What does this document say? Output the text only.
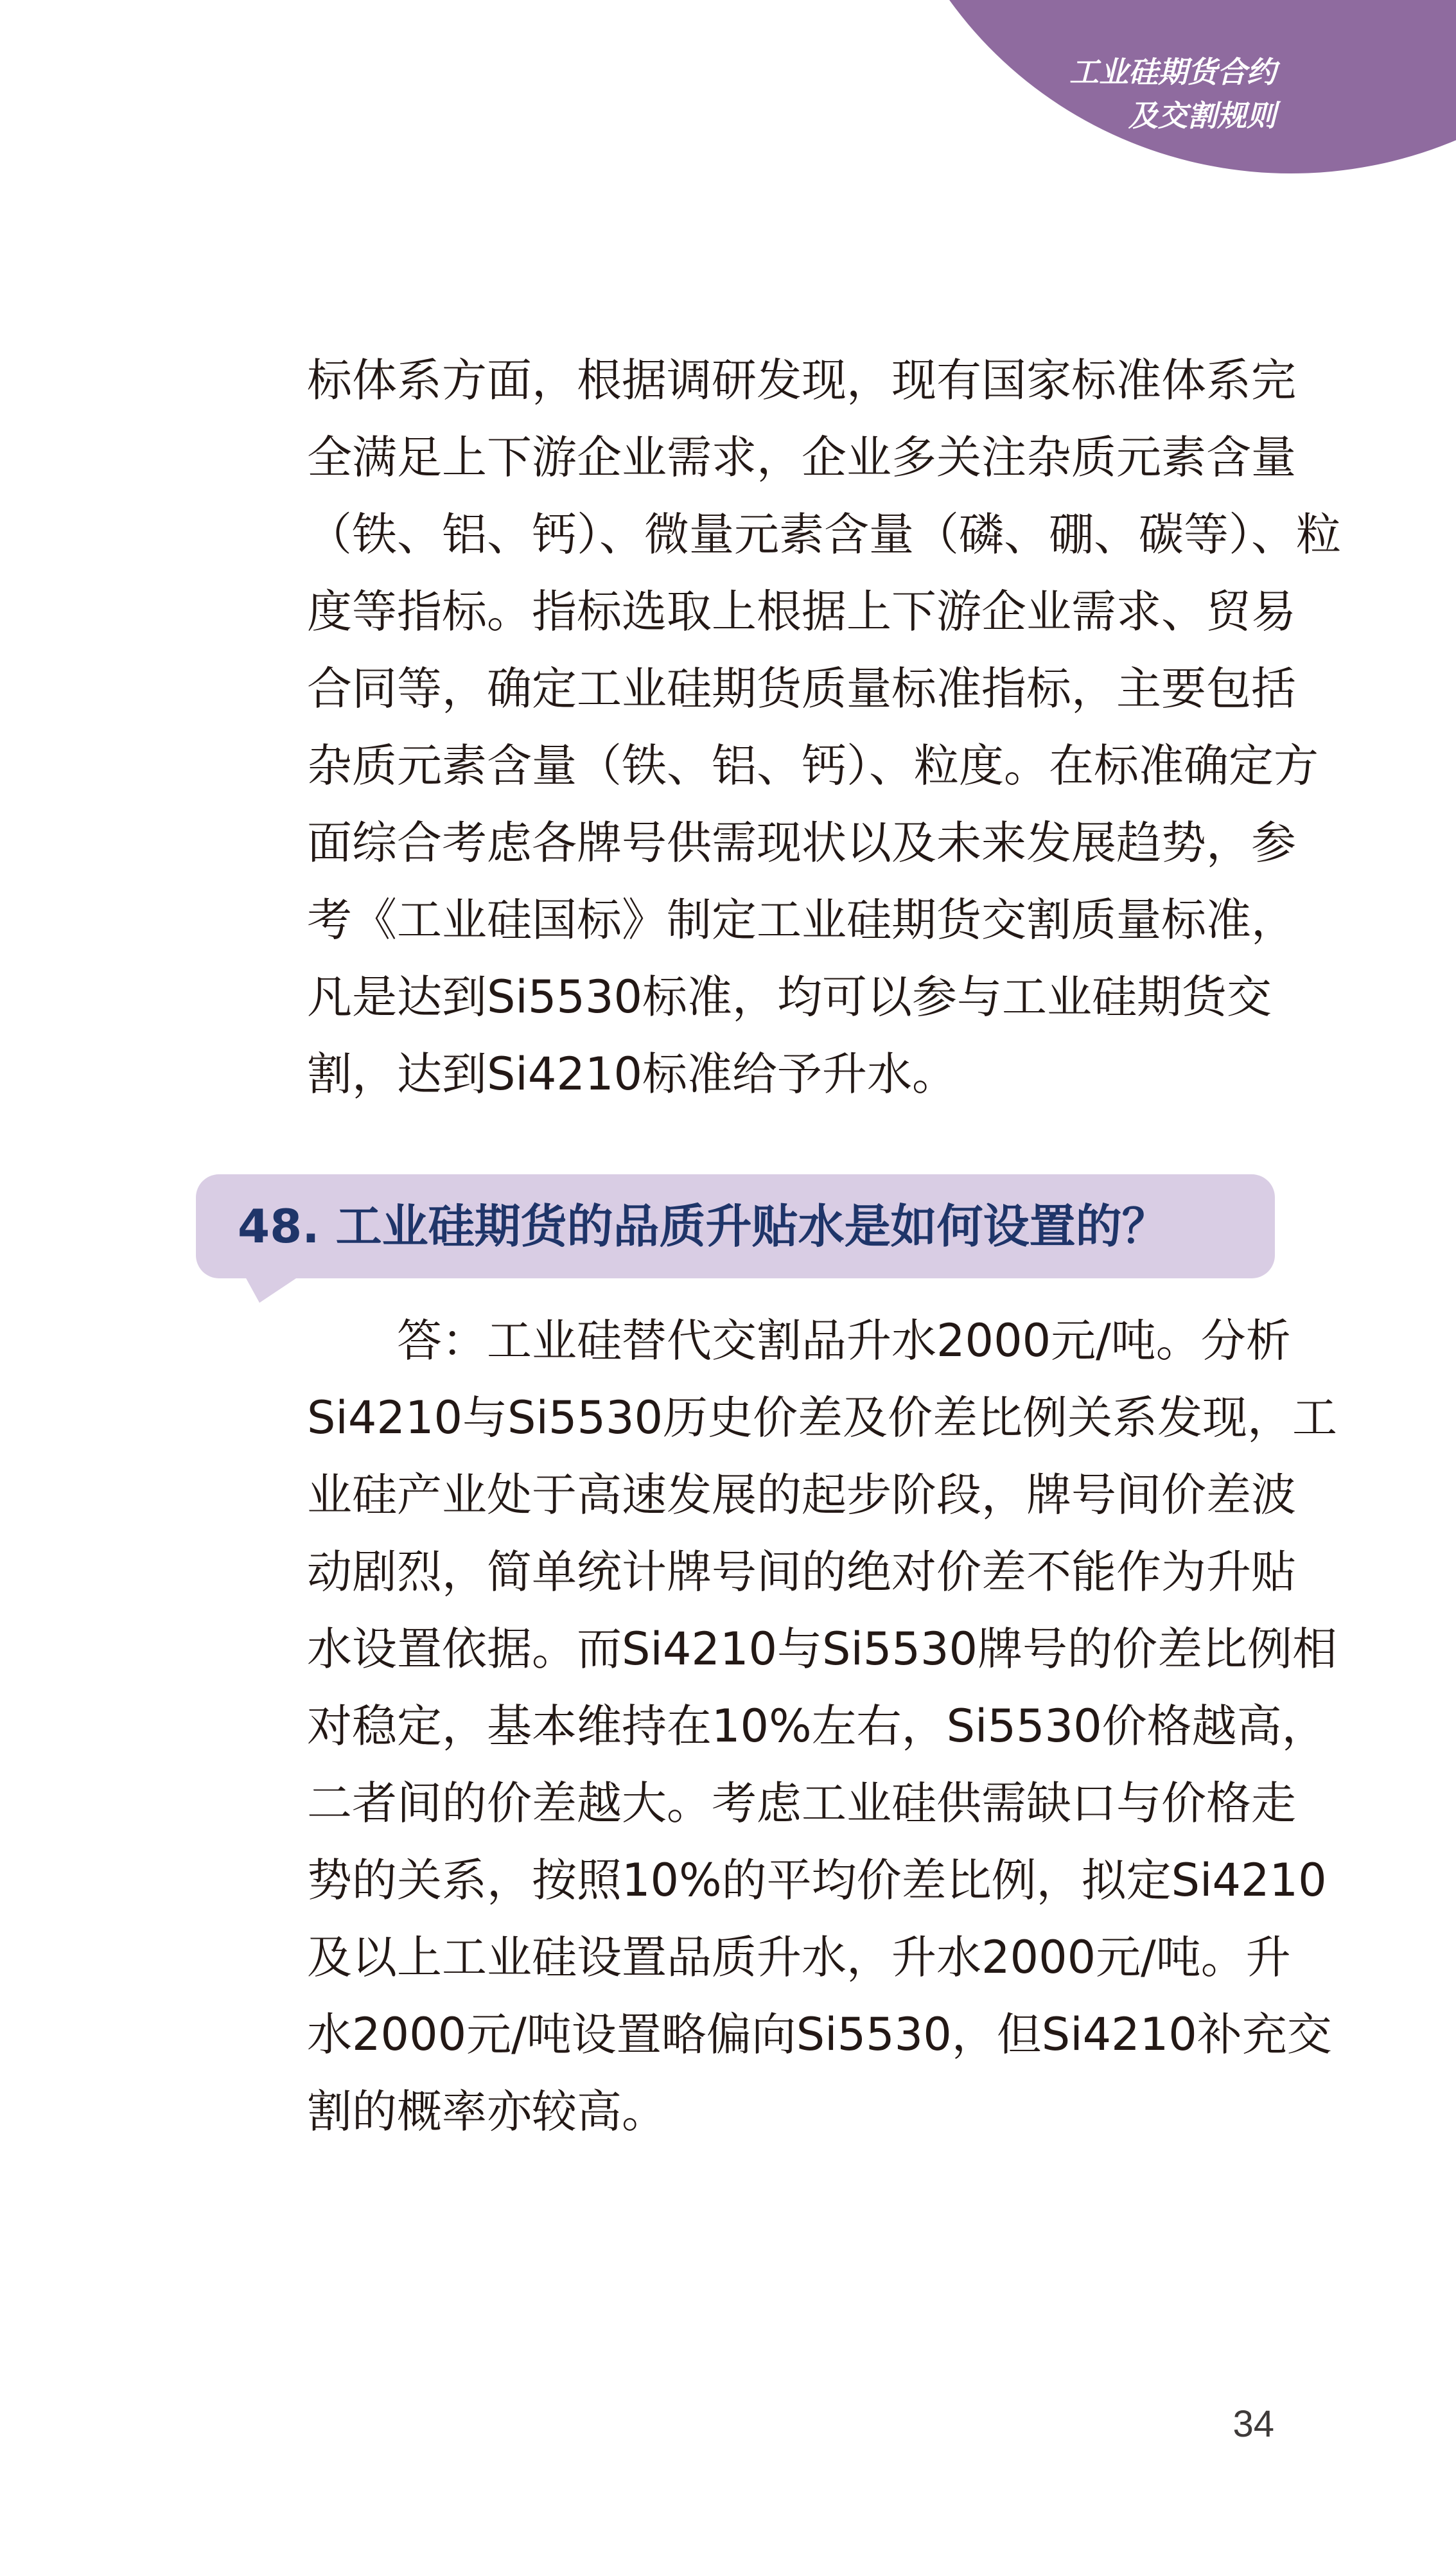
工业硅期货合约
及交割规则
标体系方面，根据调研发现，现有国家标准体系完
全满足上下游企业需求，企业多关注杂质元素含量
（铁、铝、钙）、微量元素含量（磷、硼、碳等）、粒
度等指标。指标选取上根据上下游企业需求、贸易
合同等，确定工业硅期货质量标准指标，主要包括
杂质元素含量（铁、铝、钙）、粒度。在标准确定方
面综合考虑各牌号供需现状以及未来发展趋势，参
考《工业硅国标》制定工业硅期货交割质量标准，
凡是达到Si5530标准，均可以参与工业硅期货交
割，达到Si4210标准给予升水。
48. 工业硅期货的品质升贴水是如何设置的？
　　答：工业硅替代交割品升水2000元/吨。分析
Si4210与Si5530历史价差及价差比例关系发现，工
业硅产业处于高速发展的起步阶段，牌号间价差波
动剧烈，简单统计牌号间的绝对价差不能作为升贴
水设置依据。而Si4210与Si5530牌号的价差比例相
对稳定，基本维持在10%左右，Si5530价格越高，
二者间的价差越大。考虑工业硅供需缺口与价格走
势的关系，按照10%的平均价差比例，拟定Si4210
及以上工业硅设置品质升水，升水2000元/吨。升
水2000元/吨设置略偏向Si5530，但Si4210补充交
割的概率亦较高。
34
